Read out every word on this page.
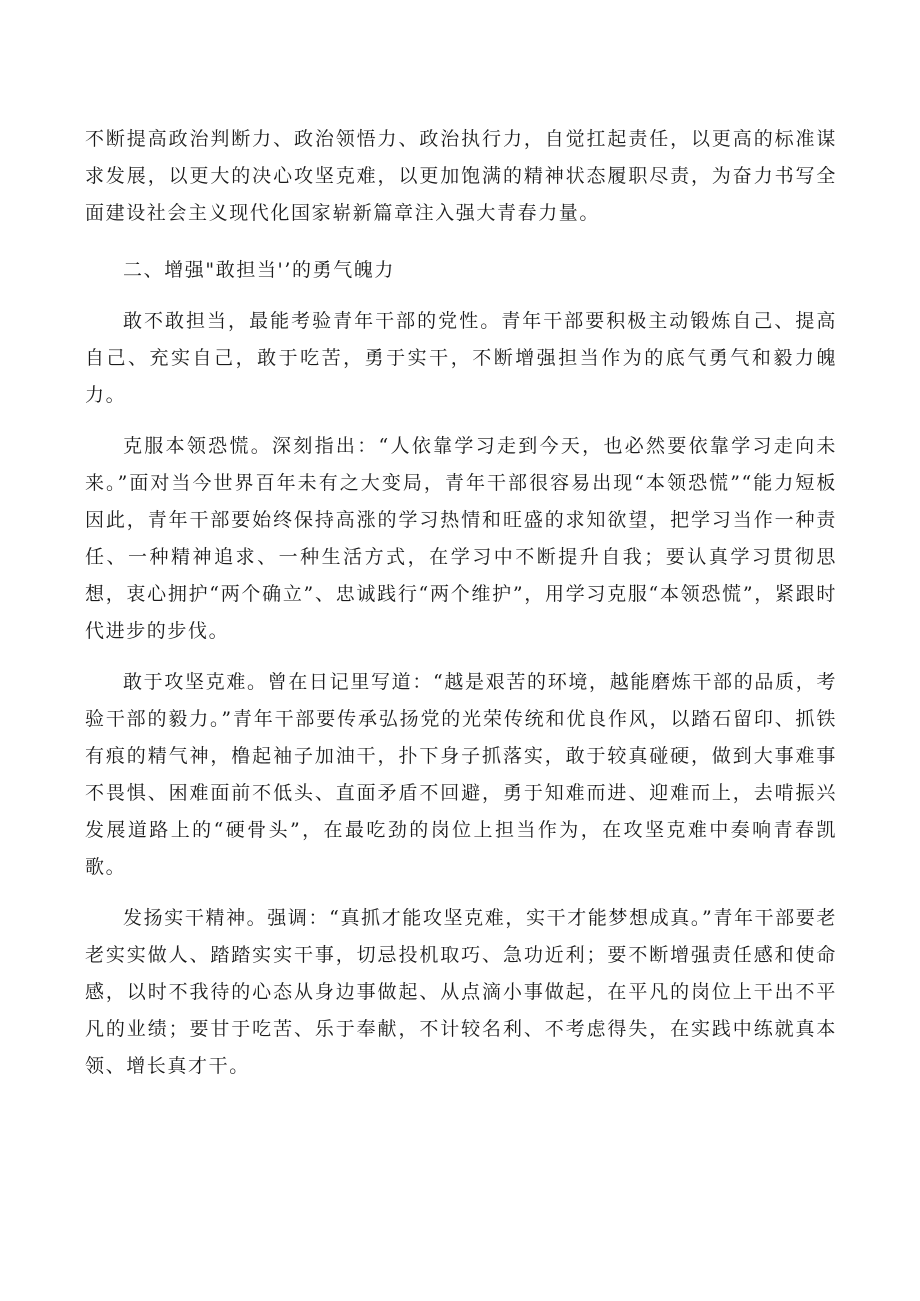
不断提高政治判断力、政治领悟力、政治执行力，自觉扛起责任，以更高的标准谋求发展，以更大的决心攻坚克难，以更加饱满的精神状态履职尽责，为奋力书写全面建设社会主义现代化国家崭新篇章注入强大青春力量。

二、增强"敢担当'’的勇气魄力

敢不敢担当，最能考验青年干部的党性。青年干部要积极主动锻炼自己、提高自己、充实自己，敢于吃苦，勇于实干，不断增强担当作为的底气勇气和毅力魄力。

克服本领恐慌。深刻指出：“人依靠学习走到今天，也必然要依靠学习走向未来。”面对当今世界百年未有之大变局，青年干部很容易出现“本领恐慌”“能力短板因此，青年干部要始终保持高涨的学习热情和旺盛的求知欲望，把学习当作一种责任、一种精神追求、一种生活方式，在学习中不断提升自我；要认真学习贯彻思想，衷心拥护“两个确立”、忠诚践行“两个维护”，用学习克服“本领恐慌”，紧跟时代进步的步伐。

敢于攻坚克难。曾在日记里写道：“越是艰苦的环境，越能磨炼干部的品质，考验干部的毅力。”青年干部要传承弘扬党的光荣传统和优良作风，以踏石留印、抓铁有痕的精气神，橹起袖子加油干，扑下身子抓落实，敢于较真碰硬，做到大事难事不畏惧、困难面前不低头、直面矛盾不回避，勇于知难而进、迎难而上，去啃振兴发展道路上的“硬骨头”，在最吃劲的岗位上担当作为，在攻坚克难中奏响青春凯歌。

发扬实干精神。强调：“真抓才能攻坚克难，实干才能梦想成真。”青年干部要老老实实做人、踏踏实实干事，切忌投机取巧、急功近利；要不断增强责任感和使命感，以时不我待的心态从身边事做起、从点滴小事做起，在平凡的岗位上干出不平凡的业绩；要甘于吃苦、乐于奉献，不计较名利、不考虑得失，在实践中练就真本领、增长真才干。
